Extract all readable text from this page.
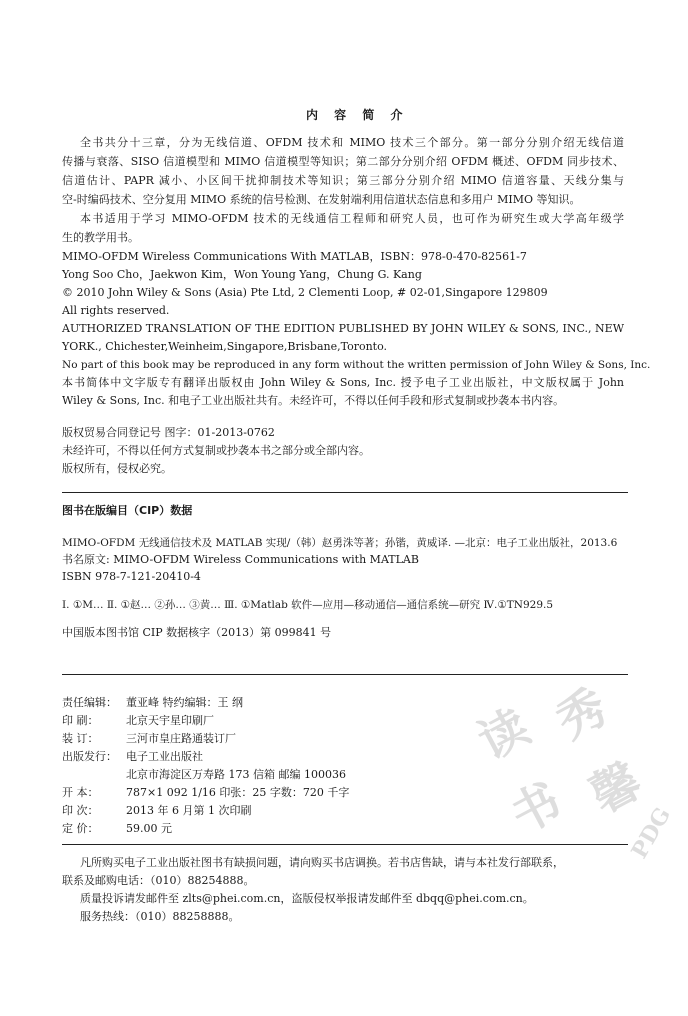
内 容 简 介
全书共分十三章，分为无线信道、OFDM 技术和 MIMO 技术三个部分。第一部分分别介绍无线信道
传播与衰落、SISO 信道模型和 MIMO 信道模型等知识；第二部分分别介绍 OFDM 概述、OFDM 同步技术、
信道估计、PAPR 减小、小区间干扰抑制技术等知识；第三部分分别介绍 MIMO 信道容量、天线分集与
空-时编码技术、空分复用 MIMO 系统的信号检测、在发射端利用信道状态信息和多用户 MIMO 等知识。
本书适用于学习 MIMO-OFDM 技术的无线通信工程师和研究人员，也可作为研究生或大学高年级学
生的教学用书。
MIMO-OFDM Wireless Communications With MATLAB，ISBN：978-0-470-82561-7
Yong Soo Cho，Jaekwon Kim，Won Young Yang，Chung G. Kang
© 2010 John Wiley & Sons (Asia) Pte Ltd, 2 Clementi Loop, # 02-01,Singapore 129809
All rights reserved.
AUTHORIZED TRANSLATION OF THE EDITION PUBLISHED BY JOHN WILEY & SONS, INC., NEW
YORK., Chichester,Weinheim,Singapore,Brisbane,Toronto.
No part of this book may be reproduced in any form without the written permission of John Wiley & Sons, Inc.
本书简体中文字版专有翻译出版权由 John Wiley & Sons, Inc. 授予电子工业出版社，中文版权属于 John
Wiley & Sons, Inc. 和电子工业出版社共有。未经许可，不得以任何手段和形式复制或抄袭本书内容。
版权贸易合同登记号 图字：01-2013-0762
未经许可，不得以任何方式复制或抄袭本书之部分或全部内容。
版权所有，侵权必究。
图书在版编目（CIP）数据
MIMO-OFDM 无线通信技术及 MATLAB 实现/（韩）赵勇洙等著；孙锴，黄威译. —北京：电子工业出版社，2013.6
书名原文: MIMO-OFDM Wireless Communications with MATLAB
ISBN 978-7-121-20410-4
Ⅰ. ①M… Ⅱ. ①赵… ②孙… ③黄… Ⅲ. ①Matlab 软件—应用—移动通信—通信系统—研究 Ⅳ.①TN929.5
中国版本图书馆 CIP 数据核字（2013）第 099841 号
责任编辑： 董亚峰 特约编辑：王 纲
印 刷：	北京天宇星印刷厂
装 订：	三河市皇庄路通装订厂
出版发行： 电子工业出版社
北京市海淀区万寿路 173 信箱 邮编 100036
开 本：	787×1 092 1/16 印张：25 字数：720 千字
印 次：	2013 年 6 月第 1 次印刷
定 价：	59.00 元
凡所购买电子工业出版社图书有缺损问题，请向购买书店调换。若书店售缺，请与本社发行部联系，
联系及邮购电话：（010）88254888。
质量投诉请发邮件至 zlts@phei.com.cn，盗版侵权举报请发邮件至 dbqq@phei.com.cn。
服务热线：（010）88258888。
读 秀
书 馨
PDG
